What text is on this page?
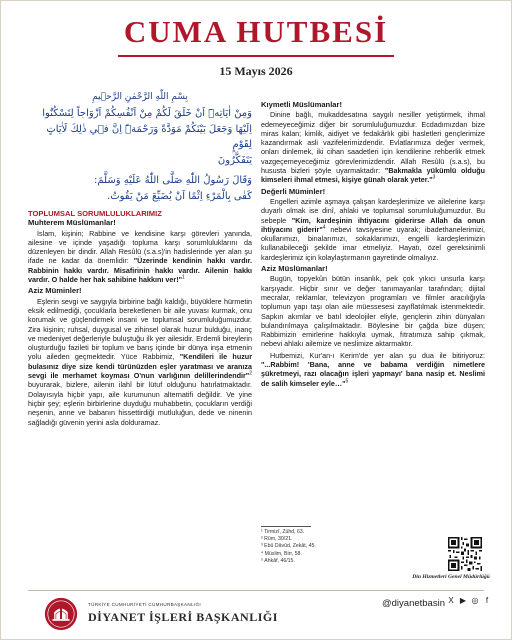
CUMA HUTBESİ
15 Mayıs 2026

بِسْمِ اللّٰهِ الرَّحْمٰنِ الرَّح۪يمِ

وَمِنْ اٰيَاتِه۪ٓ اَنْ خَلَقَ لَكُمْ مِنْ اَنْفُسِكُمْ اَزْوَاجاً لِتَسْكُنُٓوا

اِلَيْهَا وَجَعَلَ بَيْنَكُمْ مَوَدَّةً وَرَحْمَةًۜ اِنَّ ف۪ي ذٰلِكَ لَاٰيَاتٍ لِقَوْمٍ

يَتَفَكَّرُونَ

وَقَالَ رَسُولُ اللّٰهِ صَلَّى اللّٰهُ عَلَيْهِ وَسَلَّمَ:

كَفٰى بِالْمَرْءِ اِثْمًا اَنْ يُضَيِّعَ مَنْ يَقُوتُ.

TOPLUMSAL SORUMLULUKLARIMIZ
Muhterem Müslümanlar!

İslam, kişinin; Rabbine ve kendisine karşı görevleri yanında, ailesine ve içinde yaşadığı topluma karşı sorumluluklarını da düzenleyen bir dindir. Allah Resûlü (s.a.s)'in hadislerinde yer alan şu ifade ne kadar da önemlidir: "Üzerinde kendinin hakkı vardır. Rabbinin hakkı vardır. Misafirinin hakkı vardır. Ailenin hakkı vardır. O halde her hak sahibine hakkını ver!"$^1$

Aziz Müminler!

Eşlerin sevgi ve saygıyla birbirine bağlı kaldığı, büyüklere hürmetin eksik edilmediği, çocuklarla bereketlenen bir aile yuvası kurmak, onu korumak ve güçlendirmek insani ve toplumsal sorumluluğumuzdur. Zira kişinin; ruhsal, duygusal ve zihinsel olarak huzur bulduğu, inanç ve medeniyet değerleriyle buluştuğu ilk yer ailesidir. Erdemli bireylerin oluşturduğu fazileti bir toplum ve barış içinde bir dünya inşa etmenin yolu aileden geçmektedir. Yüce Rabbimiz, "Kendileri ile huzur bulasınız diye size kendi türünüzden eşler yaratması ve aranıza sevgi ile merhamet koyması O'nun varlığının delillerindendir"$^2$ buyurarak, bizlere, ailenin ilahî bir lütuf olduğunu hatırlatmaktadır. Dolayısıyla hiçbir yapı, aile kurumunun alternatifi değildir. Ve yine hiçbir şey; eşlerin birbirlerine duyduğu muhabbetin, çocukların verdiği neşenin, anne ve babanın hissettirdiği mutluluğun, dede ve ninenin sağladığı güvenin yerini asla dolduramaz.

Kıymetli Müslümanlar!

Dinine bağlı, mukaddesatına saygılı nesiller yetiştirmek, ihmal edemeyeceğimiz diğer bir sorumluluğumuzdur. Ecdadımızdan bize miras kalan; kimlik, aidiyet ve fedakârlık gibi hasletleri gençlerimize kazandırmak asli vazifelerimizdendir. Evlatlarımıza değer vermek, onları dinlemek, iki cihan saadetleri için kendilerine rehberlik etmek vazgeçemeyeceğimiz görevlerimizdendir. Allah Resûlü (s.a.s), bu hususta bizleri şöyle uyarmaktadır: "Bakmakla yükümlü olduğu kimseleri ihmal etmesi, kişiye günah olarak yeter."$^3$

Değerli Müminler!

Engelleri azimle aşmaya çalışan kardeşlerimize ve ailelerine karşı duyarlı olmak ise dinî, ahlaki ve toplumsal sorumluluğumuzdur. Bu sebeple "Kim, kardeşinin ihtiyacını giderirse Allah da onun ihtiyacını giderir"$^4$ nebevi tavsiyesine uyarak; ibadethanelerimizi, okullarımızı, binalarımızı, sokaklarımızı, engelli kardeşlerimizin kullanabileceği şekilde imar etmeliyiz. Hayatı, özel gereksinimli kardeşlerimiz için kolaylaştırmanın gayretinde olmalıyız.

Aziz Müslümanlar!

Bugün, topyekûn bütün insanlık, pek çok yıkıcı unsurla karşı karşıyadır. Hiçbir sınır ve değer tanımayanlar tarafından; dijital mecralar, reklamlar, televizyon programları ve filmler aracılığıyla toplumun yapı taşı olan aile müessesesi zayıflatılmak istenmektedir. Sapkın akımlar ve batıl ideolojiler eliyle, gençlerin zihin dünyaları bulandırılmaya çalışılmaktadır. Böylesine bir çağda bize düşen; Rabbimizin emirlerine hakkıyla uymak, fıtratımıza sahip çıkmak, nebevi ahlakı ailemize ve neslimize aktarmaktır.

Hutbemizi, Kur'an-ı Kerim'de yer alan şu dua ile bitiriyoruz: "...Rabbim! 'Bana, anne ve babama verdiğin nimetlere şükretmeyi, razı olacağın işleri yapmayı' bana nasip et. Neslimi de salih kimseler eyle…"$^5$

¹ Tirmizî, Zühd, 63.
² Rûm, 30/21.
³ Ebû Dâvûd, Zekât, 45.
⁴ Müslim, Birr, 58.
⁵ Ahkâf, 46/15.
Din Hizmetleri Genel Müdürlüğü
TÜRKİYE CUMHURİYETİ CUMHURBAŞKANLIĞI
DİYANET İŞLERİ BAŞKANLIĞI
@diyanetbasin X ▶ ◎ f
